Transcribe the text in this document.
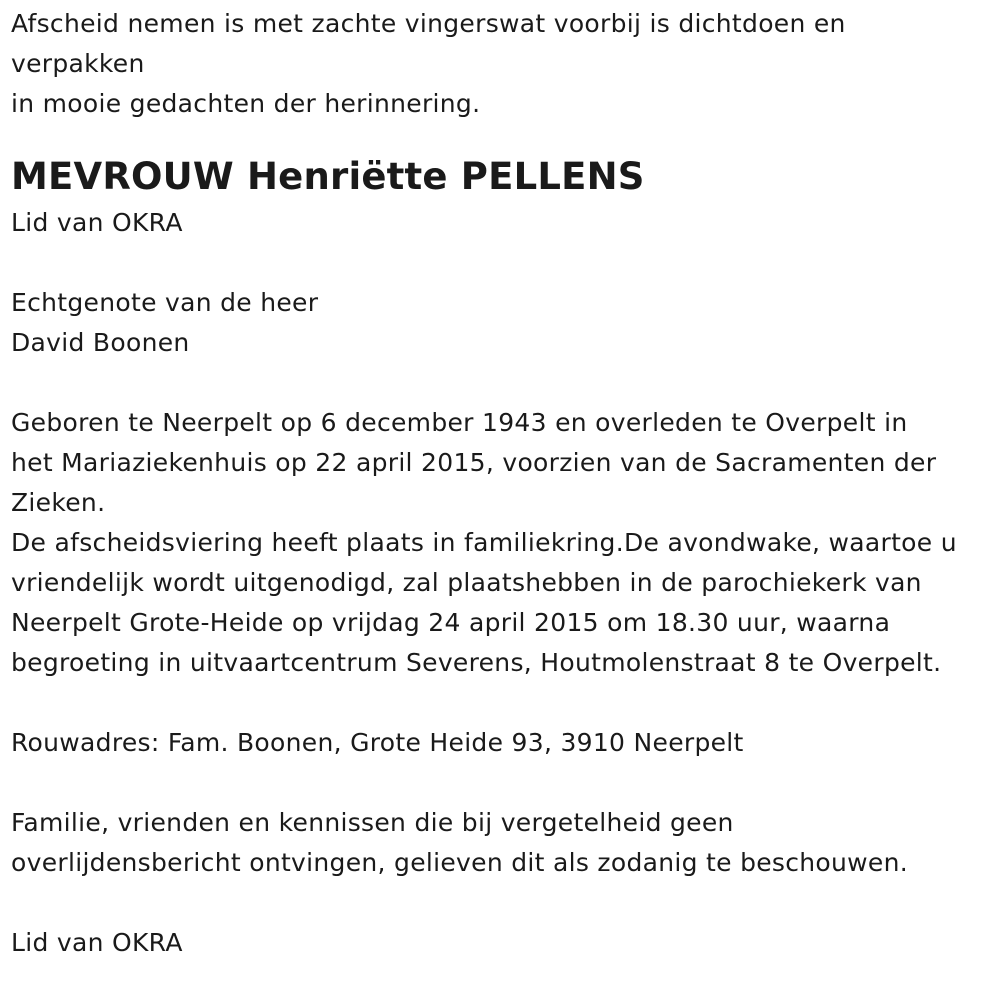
Afscheid nemen is met zachte vingerswat voorbij is dichtdoen en
verpakken
in mooie gedachten der herinnering.
MEVROUW Henriëtte PELLENS
Lid van OKRA
Echtgenote van de heer
David Boonen
Geboren te Neerpelt op 6 december 1943 en overleden te Overpelt in
het Mariaziekenhuis op 22 april 2015, voorzien van de Sacramenten der
Zieken.
De afscheidsviering heeft plaats in familiekring.De avondwake, waartoe u
vriendelijk wordt uitgenodigd, zal plaatshebben in de parochiekerk van
Neerpelt Grote-Heide op vrijdag 24 april 2015 om 18.30 uur, waarna
begroeting in uitvaartcentrum Severens, Houtmolenstraat 8 te Overpelt.
Rouwadres: Fam. Boonen, Grote Heide 93, 3910 Neerpelt
Familie, vrienden en kennissen die bij vergetelheid geen
overlijdensbericht ontvingen, gelieven dit als zodanig te beschouwen.
Lid van OKRA
